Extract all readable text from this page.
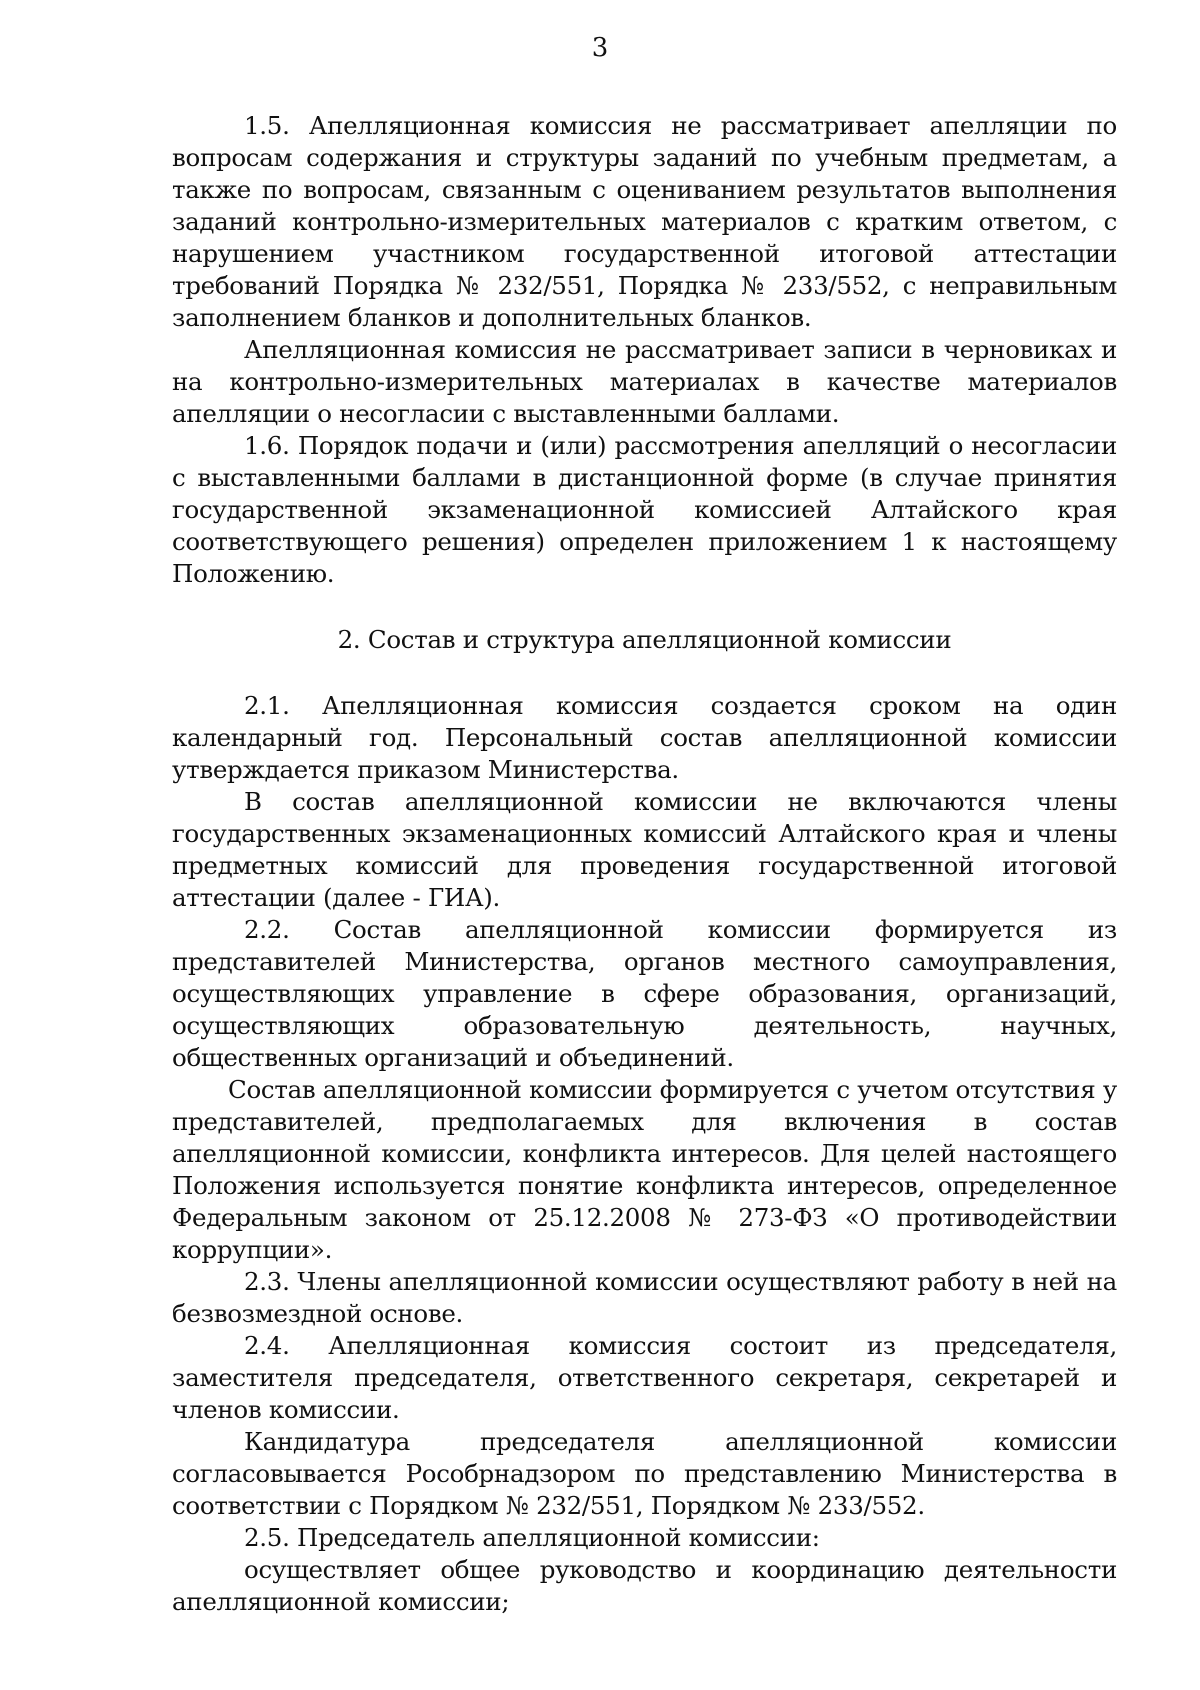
3

1.5. Апелляционная комиссия не рассматривает апелляции по вопросам содержания и структуры заданий по учебным предметам, а также по вопросам, связанным с оцениванием результатов выполнения заданий контрольно-измерительных материалов с кратким ответом, с нарушением участником государственной итоговой аттестации требований Порядка № 232/551, Порядка № 233/552, с неправильным заполнением бланков и дополнительных бланков.

Апелляционная комиссия не рассматривает записи в черновиках и на контрольно-измерительных материалах в качестве материалов апелляции о несогласии с выставленными баллами.

1.6. Порядок подачи и (или) рассмотрения апелляций о несогласии с выставленными баллами в дистанционной форме (в случае принятия государственной экзаменационной комиссией Алтайского края соответствующего решения) определен приложением 1 к настоящему Положению.

2. Состав и структура апелляционной комиссии

2.1. Апелляционная комиссия создается сроком на один календарный год. Персональный состав апелляционной комиссии утверждается приказом Министерства.

В состав апелляционной комиссии не включаются члены государственных экзаменационных комиссий Алтайского края и члены предметных комиссий для проведения государственной итоговой аттестации (далее - ГИА).

2.2. Состав апелляционной комиссии формируется из представителей Министерства, органов местного самоуправления, осуществляющих управление в сфере образования, организаций, осуществляющих образовательную деятельность, научных, общественных организаций и объединений.

Состав апелляционной комиссии формируется с учетом отсутствия у представителей, предполагаемых для включения в состав апелляционной комиссии, конфликта интересов. Для целей настоящего Положения используется понятие конфликта интересов, определенное Федеральным законом от 25.12.2008 № 273-ФЗ «О противодействии коррупции».

2.3. Члены апелляционной комиссии осуществляют работу в ней на безвозмездной основе.

2.4. Апелляционная комиссия состоит из председателя, заместителя председателя, ответственного секретаря, секретарей и членов комиссии.

Кандидатура председателя апелляционной комиссии согласовывается Рособрнадзором по представлению Министерства в соответствии с Порядком № 232/551, Порядком № 233/552.

2.5. Председатель апелляционной комиссии:

осуществляет общее руководство и координацию деятельности апелляционной комиссии;
